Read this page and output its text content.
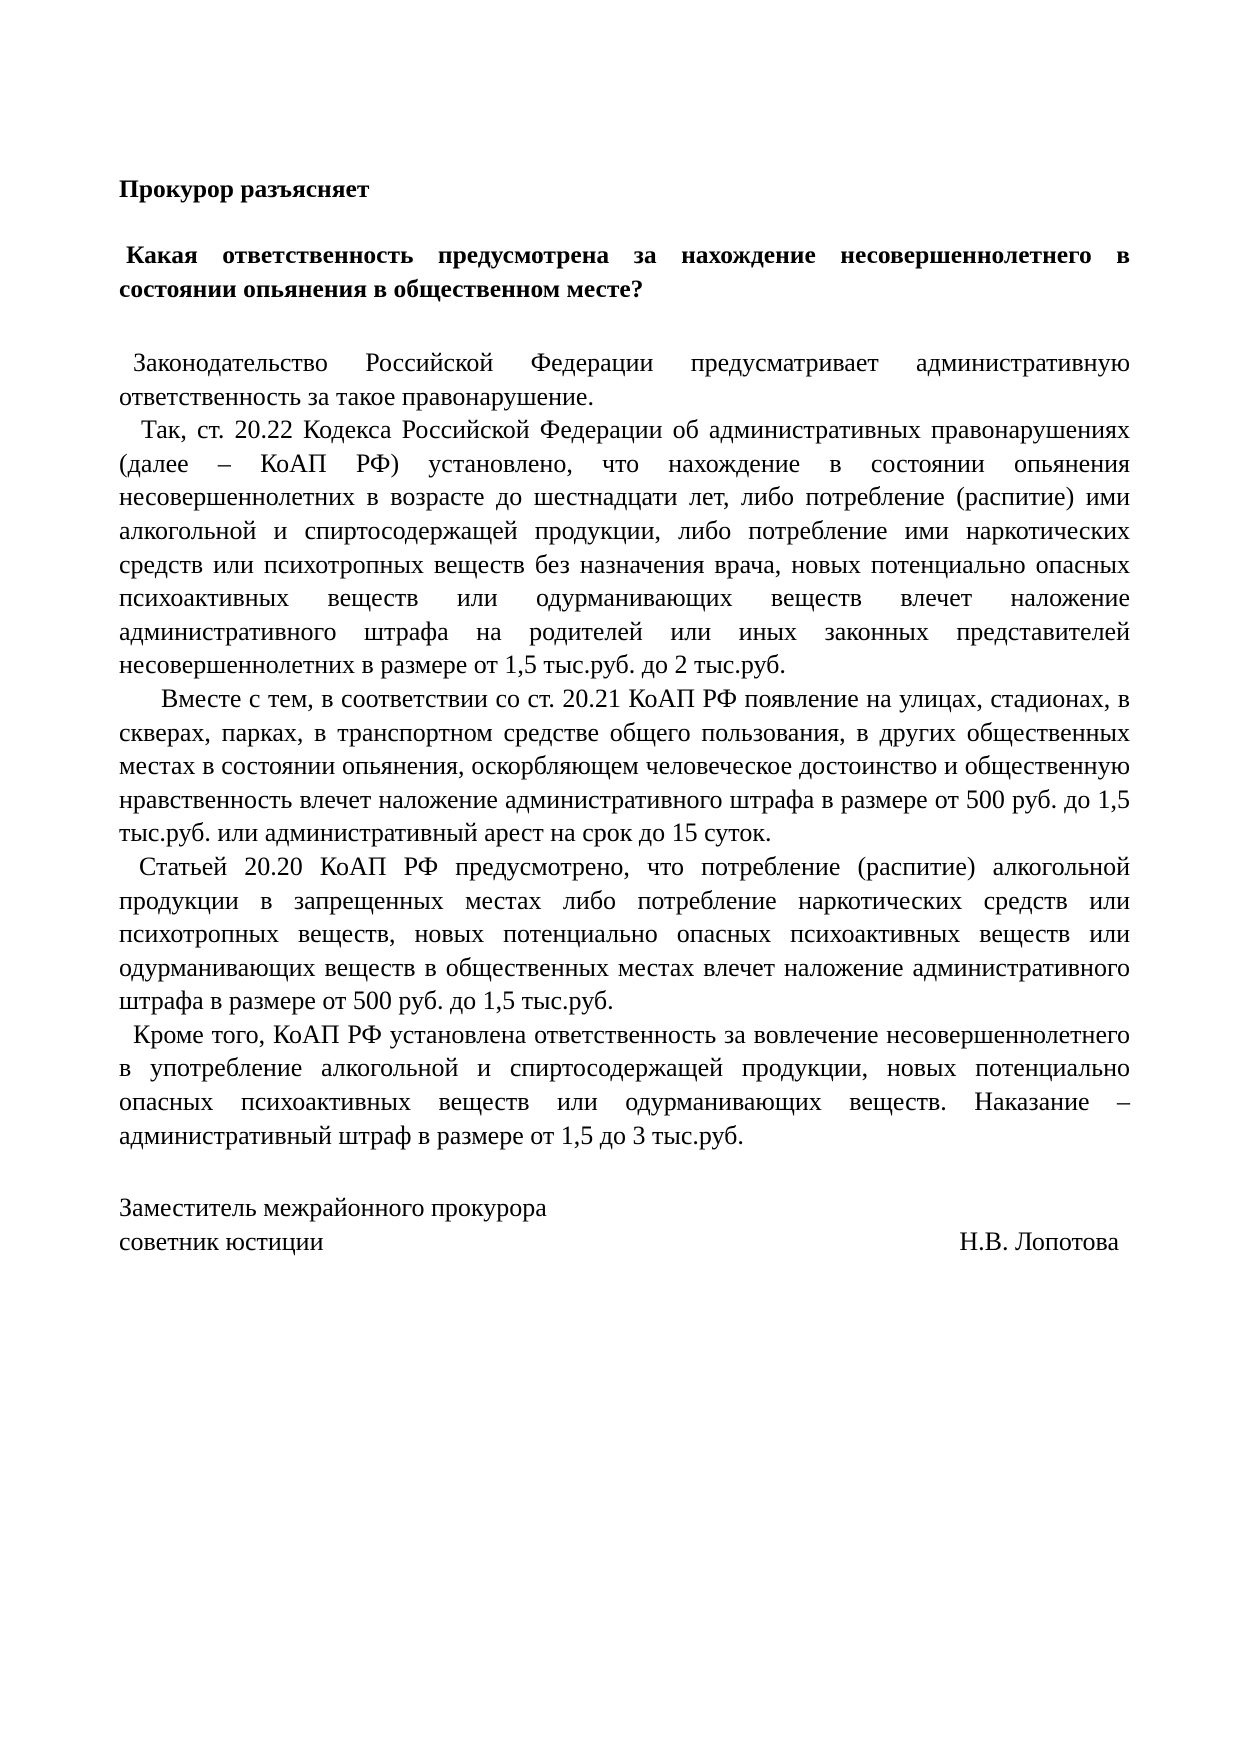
Прокурор разъясняет

Какая ответственность предусмотрена за нахождение несовершеннолетнего в состоянии опьянения в общественном месте?

Законодательство Российской Федерации предусматривает административную ответственность за такое правонарушение.

Так, ст. 20.22 Кодекса Российской Федерации об административных правонарушениях (далее – КоАП РФ) установлено, что нахождение в состоянии опьянения несовершеннолетних в возрасте до шестнадцати лет, либо потребление (распитие) ими алкогольной и спиртосодержащей продукции, либо потребление ими наркотических средств или психотропных веществ без назначения врача, новых потенциально опасных психоактивных веществ или одурманивающих веществ влечет наложение административного штрафа на родителей или иных законных представителей несовершеннолетних в размере от 1,5 тыс.руб. до 2 тыс.руб.

Вместе с тем, в соответствии со ст. 20.21 КоАП РФ появление на улицах, стадионах, в скверах, парках, в транспортном средстве общего пользования, в других общественных местах в состоянии опьянения, оскорбляющем человеческое достоинство и общественную нравственность влечет наложение административного штрафа в размере от 500 руб. до 1,5 тыс.руб. или административный арест на срок до 15 суток.

Статьей 20.20 КоАП РФ предусмотрено, что потребление (распитие) алкогольной продукции в запрещенных местах либо потребление наркотических средств или психотропных веществ, новых потенциально опасных психоактивных веществ или одурманивающих веществ в общественных местах влечет наложение административного штрафа в размере от 500 руб. до 1,5 тыс.руб.

Кроме того, КоАП РФ установлена ответственность за вовлечение несовершеннолетнего в употребление алкогольной и спиртосодержащей продукции, новых потенциально опасных психоактивных веществ или одурманивающих веществ. Наказание – административный штраф в размере от 1,5 до 3 тыс.руб.

Заместитель межрайонного прокурора
советник юстиции	Н.В. Лопотова
